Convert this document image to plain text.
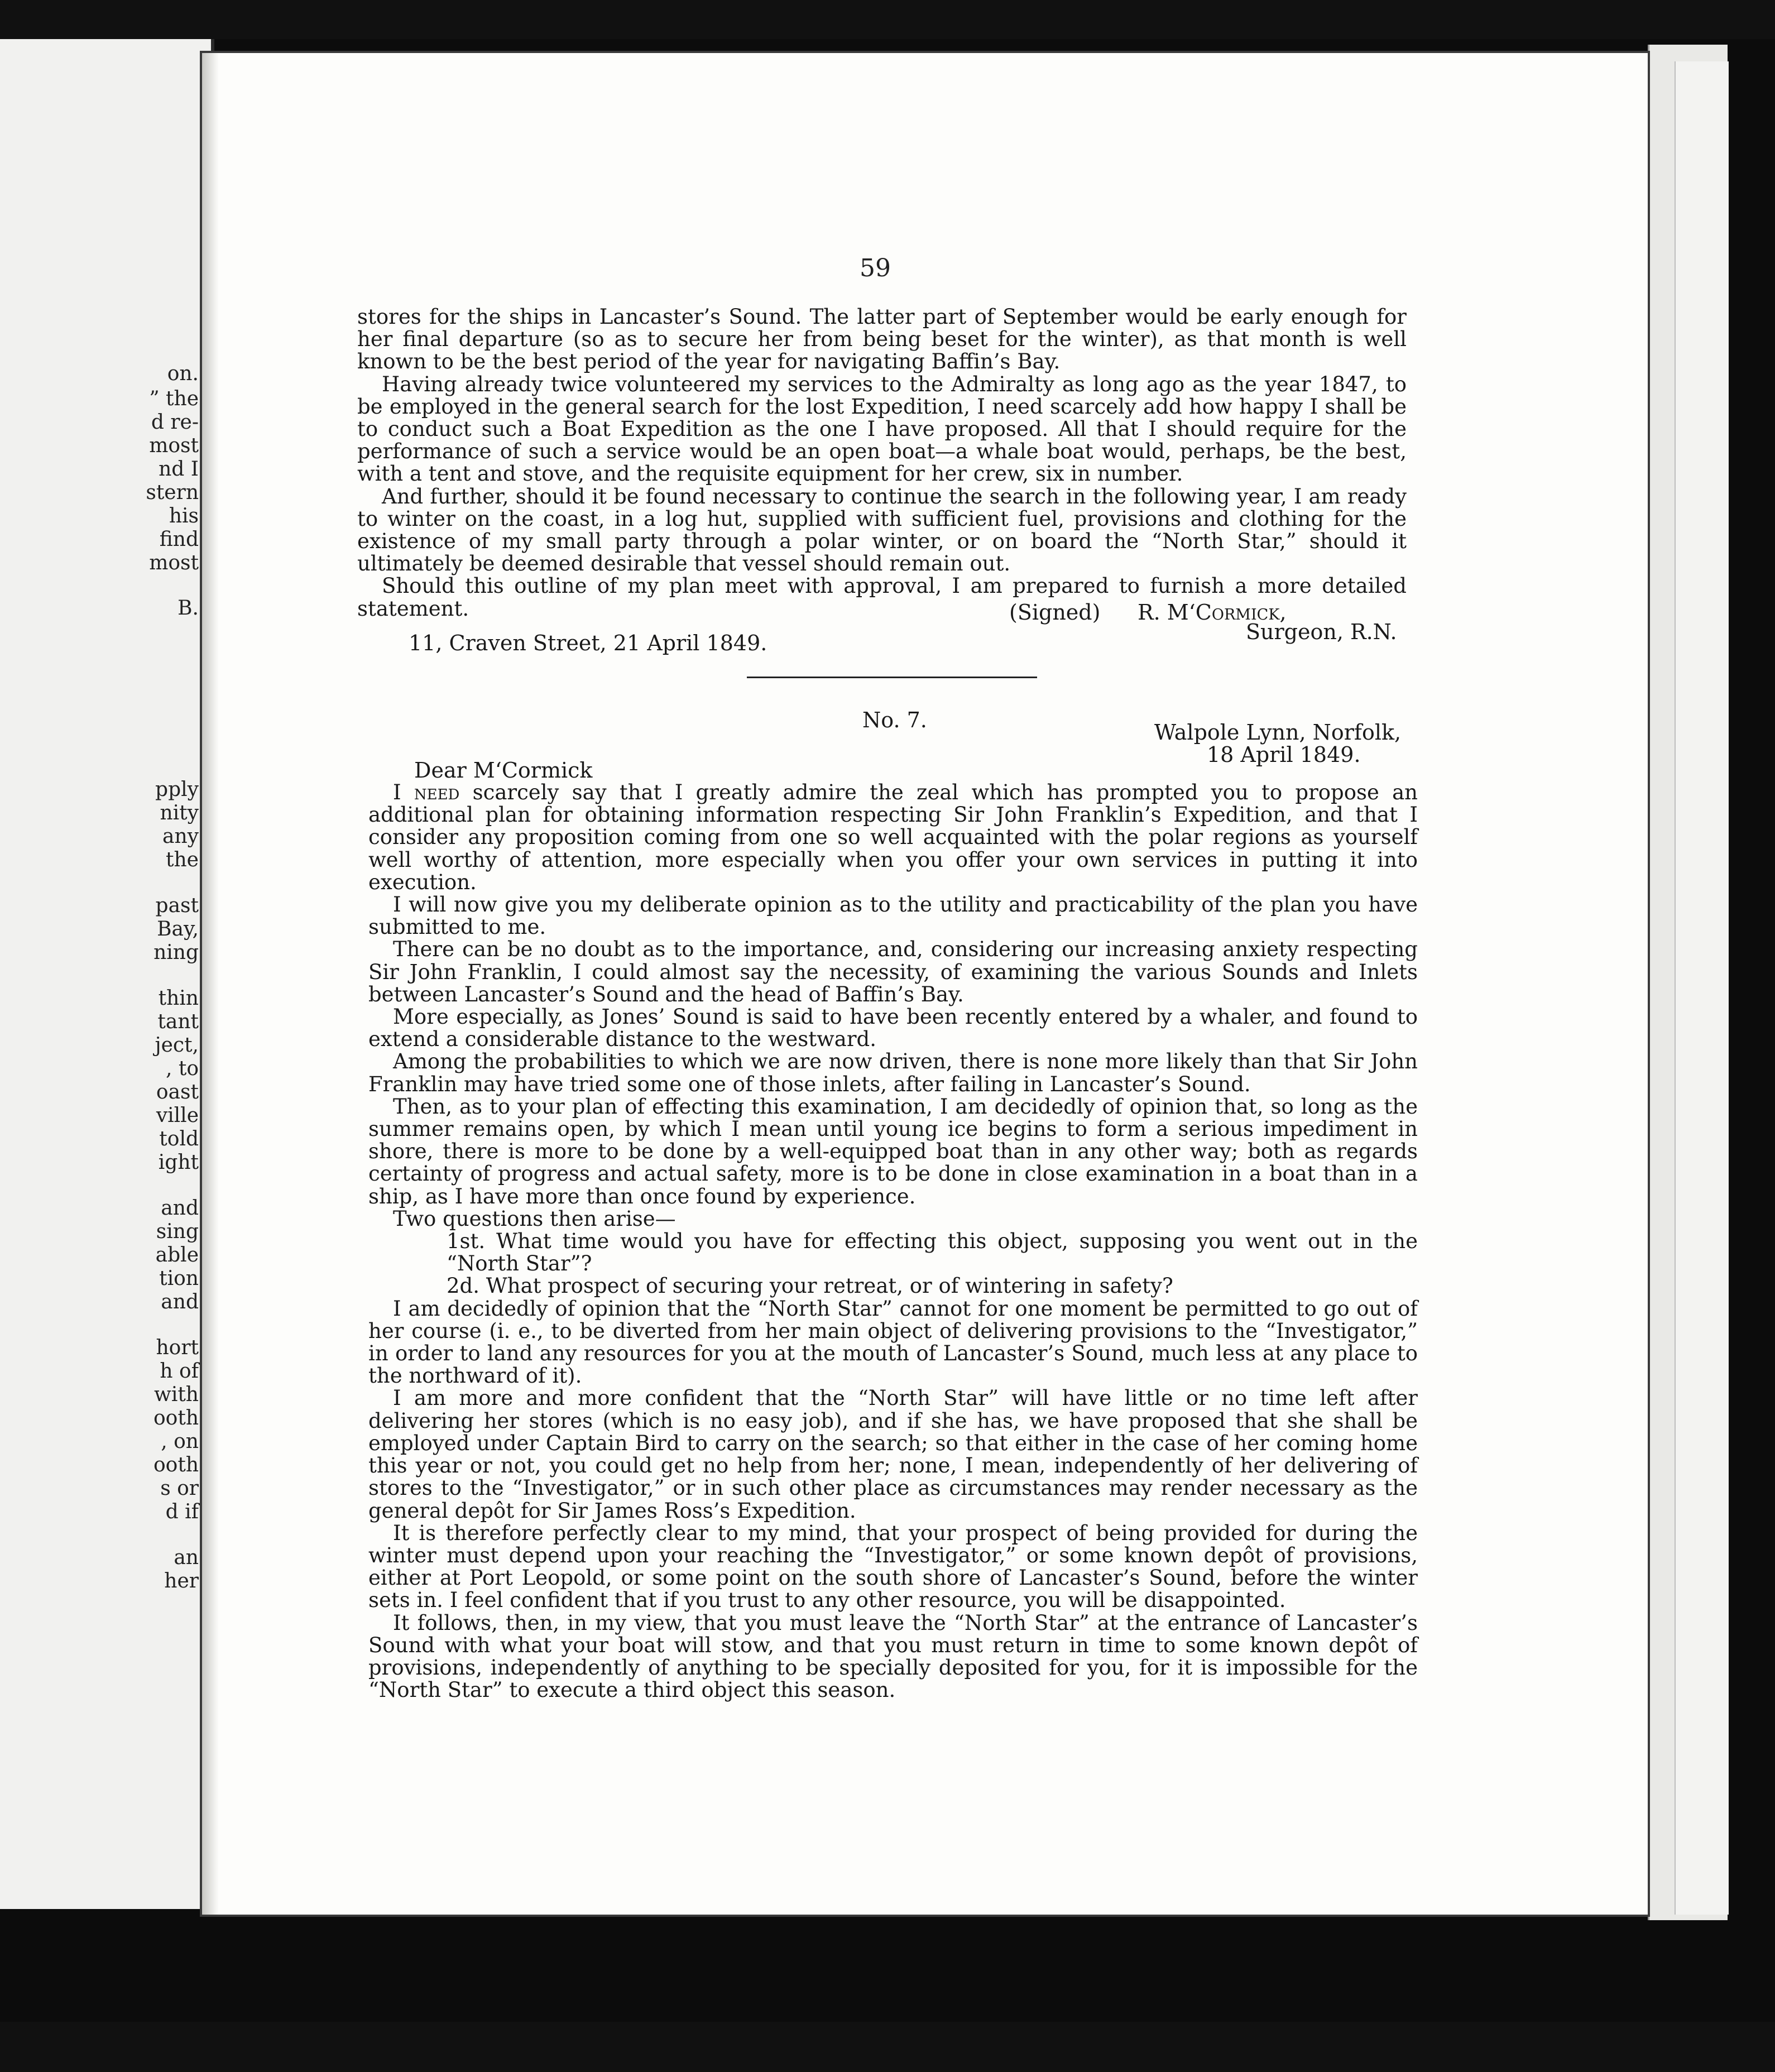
on.
” the
d re-
most
nd I
stern
his
find
most
B.
pply
nity
any
the
past
Bay,
ning
thin
tant
ject,
, to
oast
ville
told
ight
and
sing
able
tion
and
hort
h of
with
ooth
, on
ooth
s or
d if
an
her
59

stores for the ships in Lancaster’s Sound. The latter part of September would be early enough for her final departure (so as to secure her from being beset for the winter), as that month is well known to be the best period of the year for navigating Baffin’s Bay.

Having already twice volunteered my services to the Admiralty as long ago as the year 1847, to be employed in the general search for the lost Expedition, I need scarcely add how happy I shall be to conduct such a Boat Expedition as the one I have proposed. All that I should require for the performance of such a service would be an open boat—a whale boat would, perhaps, be the best, with a tent and stove, and the requisite equipment for her crew, six in number.

And further, should it be found necessary to continue the search in the following year, I am ready to winter on the coast, in a log hut, supplied with sufficient fuel, provisions and clothing for the existence of my small party through a polar winter, or on board the “North Star,” should it ultimately be deemed desirable that vessel should remain out.

Should this outline of my plan meet with approval, I am prepared to furnish a more detailed statement.	(Signed) R. M‘Cormick,
Surgeon, R.N.
11, Craven Street, 21 April 1849.
No. 7.	Walpole Lynn, Norfolk,
18 April 1849.
Dear M‘Cormick

I need scarcely say that I greatly admire the zeal which has prompted you to propose an additional plan for obtaining information respecting Sir John Franklin’s Expedition, and that I consider any proposition coming from one so well acquainted with the polar regions as yourself well worthy of attention, more especially when you offer your own services in putting it into execution.

I will now give you my deliberate opinion as to the utility and practicability of the plan you have submitted to me.

There can be no doubt as to the importance, and, considering our increasing anxiety respecting Sir John Franklin, I could almost say the necessity, of examining the various Sounds and Inlets between Lancaster’s Sound and the head of Baffin’s Bay.

More especially, as Jones’ Sound is said to have been recently entered by a whaler, and found to extend a considerable distance to the westward.

Among the probabilities to which we are now driven, there is none more likely than that Sir John Franklin may have tried some one of those inlets, after failing in Lancaster’s Sound.

Then, as to your plan of effecting this examination, I am decidedly of opinion that, so long as the summer remains open, by which I mean until young ice begins to form a serious impediment in shore, there is more to be done by a well-equipped boat than in any other way; both as regards certainty of progress and actual safety, more is to be done in close examination in a boat than in a ship, as I have more than once found by experience.

Two questions then arise—

1st. What time would you have for effecting this object, supposing you went out in the “North Star”?

2d. What prospect of securing your retreat, or of wintering in safety?

I am decidedly of opinion that the “North Star” cannot for one moment be permitted to go out of her course (i. e., to be diverted from her main object of delivering provisions to the “Investigator,” in order to land any resources for you at the mouth of Lancaster’s Sound, much less at any place to the northward of it).

I am more and more confident that the “North Star” will have little or no time left after delivering her stores (which is no easy job), and if she has, we have proposed that she shall be employed under Captain Bird to carry on the search; so that either in the case of her coming home this year or not, you could get no help from her; none, I mean, independently of her delivering of stores to the “Investigator,” or in such other place as circumstances may render necessary as the general depôt for Sir James Ross’s Expedition.

It is therefore perfectly clear to my mind, that your prospect of being provided for during the winter must depend upon your reaching the “Investigator,” or some known depôt of provisions, either at Port Leopold, or some point on the south shore of Lancaster’s Sound, before the winter sets in. I feel confident that if you trust to any other resource, you will be disappointed.

It follows, then, in my view, that you must leave the “North Star” at the entrance of Lancaster’s Sound with what your boat will stow, and that you must return in time to some known depôt of provisions, independently of anything to be specially deposited for you, for it is impossible for the “North Star” to execute a third object this season.
